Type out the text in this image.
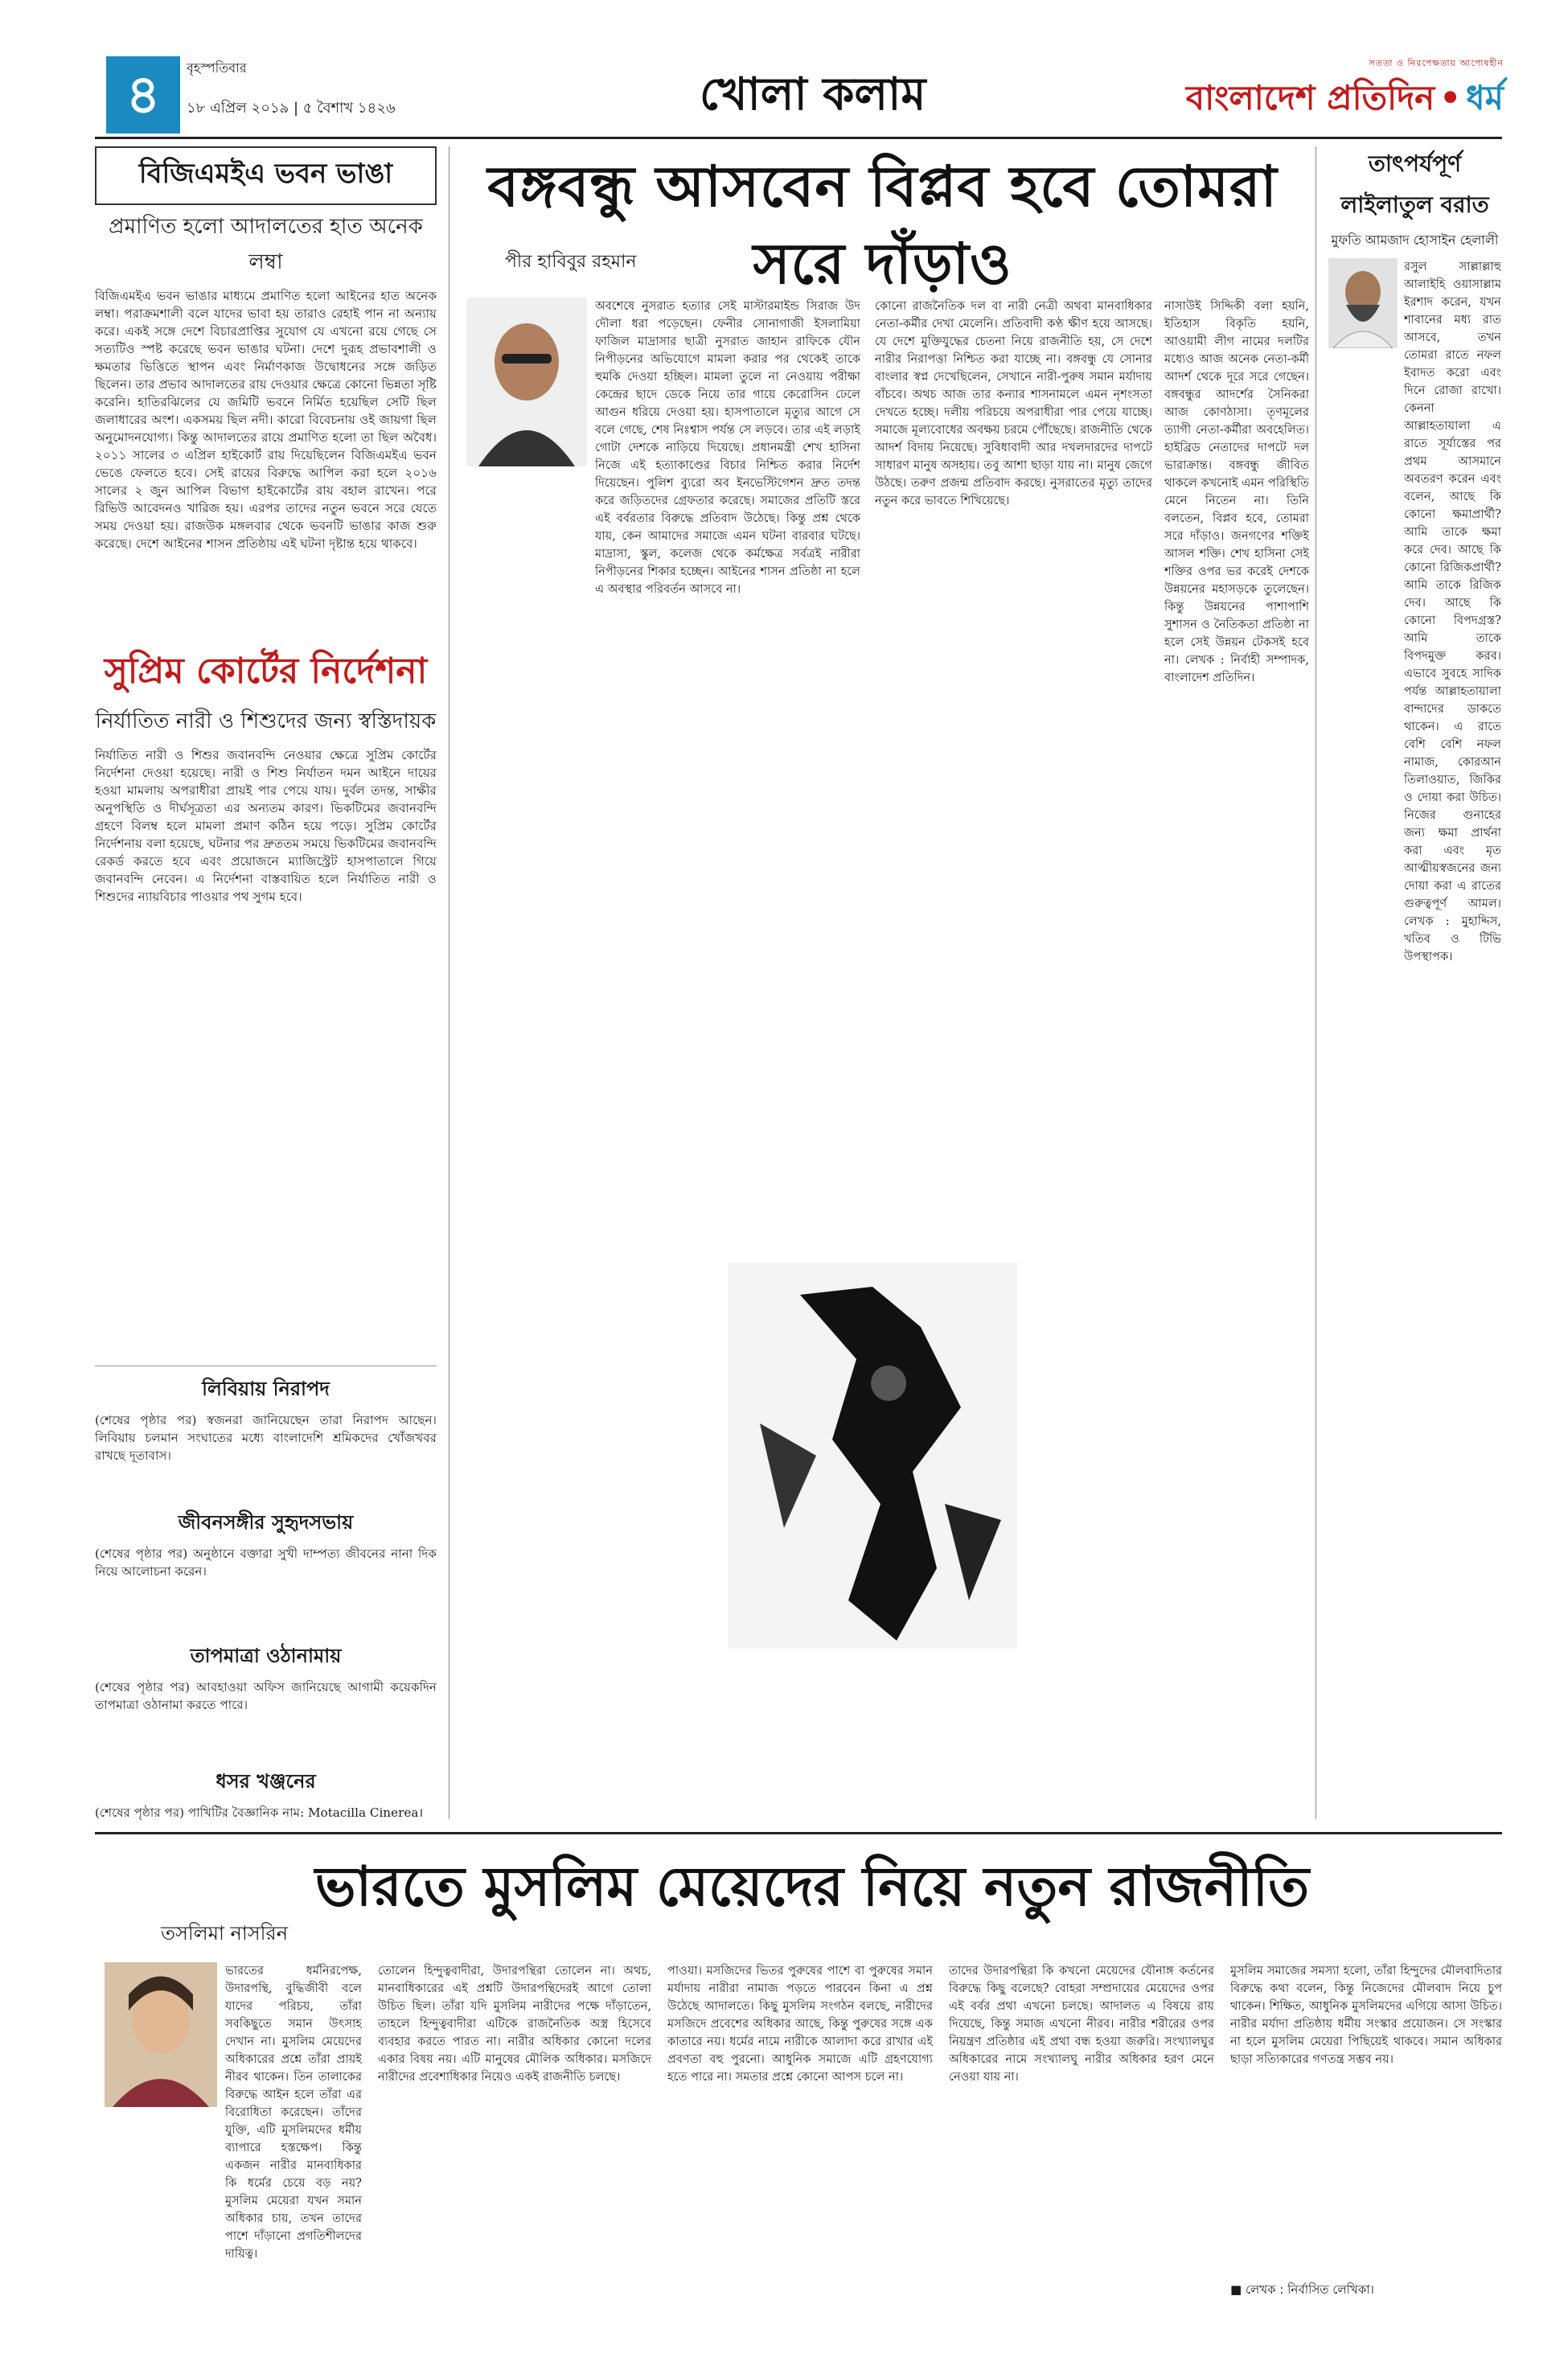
৪	বৃহস্পতিবার
১৮ এপ্রিল ২০১৯ | ৫ বৈশাখ ১৪২৬	খোলা কলাম
সততা ও নিরপেক্ষতায় আপোষহীন
বাংলাদেশ প্রতিদিন • ধর্ম
বিজিএমইএ ভবন ভাঙা
প্রমাণিত হলো আদালতের হাত অনেক লম্বা
বিজিএমইএ ভবন ভাঙার মাধ্যমে প্রমাণিত হলো আইনের হাত অনেক লম্বা। পরাক্রমশালী বলে যাদের ভাবা হয় তারাও রেহাই পান না অন্যায় করে। একই সঙ্গে দেশে বিচারপ্রাপ্তির সুযোগ যে এখনো রয়ে গেছে সে সত্যটিও স্পষ্ট করেছে ভবন ভাঙার ঘটনা। দেশে দুরূহ প্রভাবশালী ও ক্ষমতার ভিত্তিতে স্থাপন এবং নির্মাণকাজ উদ্বোধনের সঙ্গে জড়িত ছিলেন। তার প্রভাব আদালতের রায় দেওয়ার ক্ষেত্রে কোনো ভিন্নতা সৃষ্টি করেনি। হাতিরঝিলের যে জমিটি ভবনে নির্মিত হয়েছিল সেটি ছিল জলাধারের অংশ। একসময় ছিল নদী। কারো বিবেচনায় ওই জায়গা ছিল অনুমোদনযোগ্য। কিন্তু আদালতের রায়ে প্রমাণিত হলো তা ছিল অবৈধ। ২০১১ সালের ৩ এপ্রিল হাইকোর্ট রায় দিয়েছিলেন বিজিএমইএ ভবন ভেঙে ফেলতে হবে। সেই রায়ের বিরুদ্ধে আপিল করা হলে ২০১৬ সালের ২ জুন আপিল বিভাগ হাইকোর্টের রায় বহাল রাখেন। পরে রিভিউ আবেদনও খারিজ হয়। এরপর তাদের নতুন ভবনে সরে যেতে সময় দেওয়া হয়। রাজউক মঙ্গলবার থেকে ভবনটি ভাঙার কাজ শুরু করেছে। দেশে আইনের শাসন প্রতিষ্ঠায় এই ঘটনা দৃষ্টান্ত হয়ে থাকবে।
সুপ্রিম কোর্টের নির্দেশনা
নির্যাতিত নারী ও শিশুদের জন্য স্বস্তিদায়ক
নির্যাতিত নারী ও শিশুর জবানবন্দি নেওয়ার ক্ষেত্রে সুপ্রিম কোর্টের নির্দেশনা দেওয়া হয়েছে। নারী ও শিশু নির্যাতন দমন আইনে দায়ের হওয়া মামলায় অপরাধীরা প্রায়ই পার পেয়ে যায়। দুর্বল তদন্ত, সাক্ষীর অনুপস্থিতি ও দীর্ঘসূত্রতা এর অন্যতম কারণ। ভিকটিমের জবানবন্দি গ্রহণে বিলম্ব হলে মামলা প্রমাণ কঠিন হয়ে পড়ে। সুপ্রিম কোর্টের নির্দেশনায় বলা হয়েছে, ঘটনার পর দ্রুততম সময়ে ভিকটিমের জবানবন্দি রেকর্ড করতে হবে এবং প্রয়োজনে ম্যাজিস্ট্রেট হাসপাতালে গিয়ে জবানবন্দি নেবেন। এ নির্দেশনা বাস্তবায়িত হলে নির্যাতিত নারী ও শিশুদের ন্যায়বিচার পাওয়ার পথ সুগম হবে।
লিবিয়ায় নিরাপদ
(শেষের পৃষ্ঠার পর) স্বজনরা জানিয়েছেন তারা নিরাপদ আছেন। লিবিয়ায় চলমান সংঘাতের মধ্যে বাংলাদেশি শ্রমিকদের খোঁজখবর রাখছে দূতাবাস।
জীবনসঙ্গীর সুহৃদসভায়
(শেষের পৃষ্ঠার পর) অনুষ্ঠানে বক্তারা সুখী দাম্পত্য জীবনের নানা দিক নিয়ে আলোচনা করেন।
তাপমাত্রা ওঠানামায়
(শেষের পৃষ্ঠার পর) আবহাওয়া অফিস জানিয়েছে আগামী কয়েকদিন তাপমাত্রা ওঠানামা করতে পারে।
ধসর খঞ্জনের
(শেষের পৃষ্ঠার পর) পাখিটির বৈজ্ঞানিক নাম: Motacilla Cinerea।
বঙ্গবন্ধু আসবেন বিপ্লব হবে তোমরা সরে দাঁড়াও
পীর হাবিবুর রহমান
অবশেষে নুসরাত হত্যার সেই মাস্টারমাইন্ড সিরাজ উদ দৌলা ধরা পড়েছেন। ফেনীর সোনাগাজী ইসলামিয়া ফাজিল মাদ্রাসার ছাত্রী নুসরাত জাহান রাফিকে যৌন নিপীড়নের অভিযোগে মামলা করার পর থেকেই তাকে হুমকি দেওয়া হচ্ছিল। মামলা তুলে না নেওয়ায় পরীক্ষা কেন্দ্রের ছাদে ডেকে নিয়ে তার গায়ে কেরোসিন ঢেলে আগুন ধরিয়ে দেওয়া হয়। হাসপাতালে মৃত্যুর আগে সে বলে গেছে, শেষ নিঃশ্বাস পর্যন্ত সে লড়বে। তার এই লড়াই গোটা দেশকে নাড়িয়ে দিয়েছে। প্রধানমন্ত্রী শেখ হাসিনা নিজে এই হত্যাকাণ্ডের বিচার নিশ্চিত করার নির্দেশ দিয়েছেন। পুলিশ ব্যুরো অব ইনভেস্টিগেশন দ্রুত তদন্ত করে জড়িতদের গ্রেফতার করেছে। সমাজের প্রতিটি স্তরে এই বর্বরতার বিরুদ্ধে প্রতিবাদ উঠেছে। কিন্তু প্রশ্ন থেকে যায়, কেন আমাদের সমাজে এমন ঘটনা বারবার ঘটছে। মাদ্রাসা, স্কুল, কলেজ থেকে কর্মক্ষেত্র সর্বত্রই নারীরা নিপীড়নের শিকার হচ্ছেন। আইনের শাসন প্রতিষ্ঠা না হলে এ অবস্থার পরিবর্তন আসবে না।
কোনো রাজনৈতিক দল বা নারী নেত্রী অথবা মানবাধিকার নেতা-কর্মীর দেখা মেলেনি। প্রতিবাদী কণ্ঠ ক্ষীণ হয়ে আসছে। যে দেশে মুক্তিযুদ্ধের চেতনা নিয়ে রাজনীতি হয়, সে দেশে নারীর নিরাপত্তা নিশ্চিত করা যাচ্ছে না। বঙ্গবন্ধু যে সোনার বাংলার স্বপ্ন দেখেছিলেন, সেখানে নারী-পুরুষ সমান মর্যাদায় বাঁচবে। অথচ আজ তার কন্যার শাসনামলে এমন নৃশংসতা দেখতে হচ্ছে। দলীয় পরিচয়ে অপরাধীরা পার পেয়ে যাচ্ছে। সমাজে মূল্যবোধের অবক্ষয় চরমে পৌঁছেছে। রাজনীতি থেকে আদর্শ বিদায় নিয়েছে। সুবিধাবাদী আর দখলদারদের দাপটে সাধারণ মানুষ অসহায়। তবু আশা ছাড়া যায় না। মানুষ জেগে উঠছে। তরুণ প্রজন্ম প্রতিবাদ করছে। নুসরাতের মৃত্যু তাদের নতুন করে ভাবতে শিখিয়েছে।
নাসাউই সিদ্দিকী বলা হয়নি, ইতিহাস বিকৃতি হয়নি, আওয়ামী লীগ নামের দলটির মধ্যেও আজ অনেক নেতা-কর্মী আদর্শ থেকে দূরে সরে গেছেন। বঙ্গবন্ধুর আদর্শের সৈনিকরা আজ কোণঠাসা। তৃণমূলের ত্যাগী নেতা-কর্মীরা অবহেলিত। হাইব্রিড নেতাদের দাপটে দল ভারাক্রান্ত। বঙ্গবন্ধু জীবিত থাকলে কখনোই এমন পরিস্থিতি মেনে নিতেন না। তিনি বলতেন, বিপ্লব হবে, তোমরা সরে দাঁড়াও। জনগণের শক্তিই আসল শক্তি। শেখ হাসিনা সেই শক্তির ওপর ভর করেই দেশকে উন্নয়নের মহাসড়কে তুলেছেন। কিন্তু উন্নয়নের পাশাপাশি সুশাসন ও নৈতিকতা প্রতিষ্ঠা না হলে সেই উন্নয়ন টেকসই হবে না। লেখক : নির্বাহী সম্পাদক, বাংলাদেশ প্রতিদিন।
তাৎপর্যপূর্ণ
লাইলাতুল বরাত
মুফতি আমজাদ হোসাইন হেলালী
রসুল সাল্লাল্লাহু আলাইহি ওয়াসাল্লাম ইরশাদ করেন, যখন শাবানের মধ্য রাত আসবে, তখন তোমরা রাতে নফল ইবাদত করো এবং দিনে রোজা রাখো। কেননা আল্লাহতায়ালা এ রাতে সূর্যাস্তের পর প্রথম আসমানে অবতরণ করেন এবং বলেন, আছে কি কোনো ক্ষমাপ্রার্থী? আমি তাকে ক্ষমা করে দেব। আছে কি কোনো রিজিকপ্রার্থী? আমি তাকে রিজিক দেব। আছে কি কোনো বিপদগ্রস্ত? আমি তাকে বিপদমুক্ত করব। এভাবে সুবহে সাদিক পর্যন্ত আল্লাহতায়ালা বান্দাদের ডাকতে থাকেন। এ রাতে বেশি বেশি নফল নামাজ, কোরআন তিলাওয়াত, জিকির ও দোয়া করা উচিত। নিজের গুনাহের জন্য ক্ষমা প্রার্থনা করা এবং মৃত আত্মীয়স্বজনের জন্য দোয়া করা এ রাতের গুরুত্বপূর্ণ আমল। লেখক : মুহাদ্দিস, খতিব ও টিভি উপস্থাপক।
ভারতে মুসলিম মেয়েদের নিয়ে নতুন রাজনীতি
তসলিমা নাসরিন
ভারতের ধর্মনিরপেক্ষ, উদারপন্থি, বুদ্ধিজীবী বলে যাদের পরিচয়, তাঁরা সবকিছুতে সমান উৎসাহ দেখান না। মুসলিম মেয়েদের অধিকারের প্রশ্নে তাঁরা প্রায়ই নীরব থাকেন। তিন তালাকের বিরুদ্ধে আইন হলে তাঁরা এর বিরোধিতা করেছেন। তাঁদের যুক্তি, এটি মুসলিমদের ধর্মীয় ব্যাপারে হস্তক্ষেপ। কিন্তু একজন নারীর মানবাধিকার কি ধর্মের চেয়ে বড় নয়? মুসলিম মেয়েরা যখন সমান অধিকার চায়, তখন তাদের পাশে দাঁড়ানো প্রগতিশীলদের দায়িত্ব।
তোলেন হিন্দুত্ববাদীরা, উদারপন্থিরা তোলেন না। অথচ, মানবাধিকারের এই প্রশ্নটি উদারপন্থিদেরই আগে তোলা উচিত ছিল। তাঁরা যদি মুসলিম নারীদের পক্ষে দাঁড়াতেন, তাহলে হিন্দুত্ববাদীরা এটিকে রাজনৈতিক অস্ত্র হিসেবে ব্যবহার করতে পারত না। নারীর অধিকার কোনো দলের একার বিষয় নয়। এটি মানুষের মৌলিক অধিকার। মসজিদে নারীদের প্রবেশাধিকার নিয়েও একই রাজনীতি চলছে।
পাওয়া। মসজিদের ভিতর পুরুষের পাশে বা পুরুষের সমান মর্যাদায় নারীরা নামাজ পড়তে পারবেন কিনা এ প্রশ্ন উঠেছে আদালতে। কিছু মুসলিম সংগঠন বলছে, নারীদের মসজিদে প্রবেশের অধিকার আছে, কিন্তু পুরুষের সঙ্গে এক কাতারে নয়। ধর্মের নামে নারীকে আলাদা করে রাখার এই প্রবণতা বহু পুরনো। আধুনিক সমাজে এটি গ্রহণযোগ্য হতে পারে না। সমতার প্রশ্নে কোনো আপস চলে না।
তাদের উদারপন্থিরা কি কখনো মেয়েদের যৌনাঙ্গ কর্তনের বিরুদ্ধে কিছু বলেছে? বোহরা সম্প্রদায়ের মেয়েদের ওপর এই বর্বর প্রথা এখনো চলছে। আদালত এ বিষয়ে রায় দিয়েছে, কিন্তু সমাজ এখনো নীরব। নারীর শরীরের ওপর নিয়ন্ত্রণ প্রতিষ্ঠার এই প্রথা বন্ধ হওয়া জরুরি। সংখ্যালঘুর অধিকারের নামে সংখ্যালঘু নারীর অধিকার হরণ মেনে নেওয়া যায় না।
মুসলিম সমাজের সমস্যা হলো, তাঁরা হিন্দুদের মৌলবাদিতার বিরুদ্ধে কথা বলেন, কিন্তু নিজেদের মৌলবাদ নিয়ে চুপ থাকেন। শিক্ষিত, আধুনিক মুসলিমদের এগিয়ে আসা উচিত। নারীর মর্যাদা প্রতিষ্ঠায় ধর্মীয় সংস্কার প্রয়োজন। সে সংস্কার না হলে মুসলিম মেয়েরা পিছিয়েই থাকবে। সমান অধিকার ছাড়া সত্যিকারের গণতন্ত্র সম্ভব নয়।
■ লেখক : নির্বাসিত লেখিকা।
